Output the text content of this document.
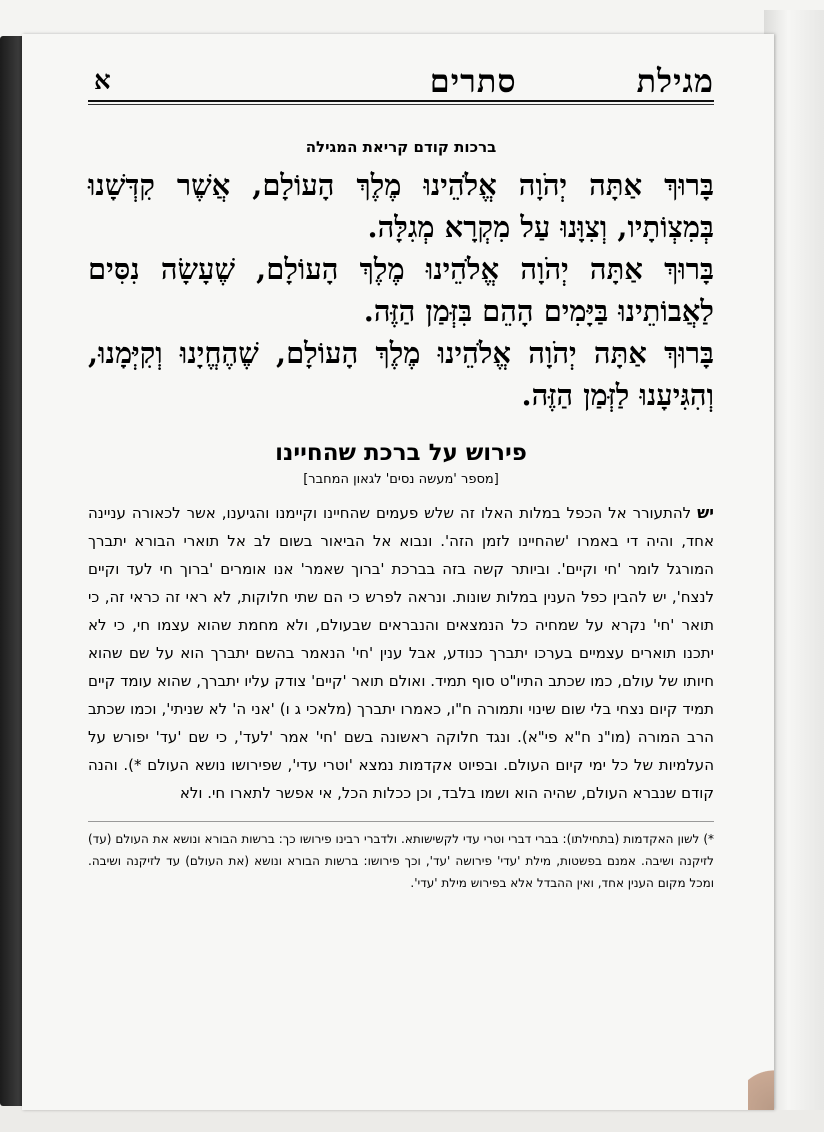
מגילתסתרים
א

ברכות קודם קריאת המגילה

בָּרוּךְ אַתָּה יְהֹוָה אֱלֹהֵינוּ מֶלֶךְ הָעוֹלָם, אֲשֶׁר קִדְּשָׁנוּ בְּמִצְוֹתָיו, וְצִוָּנוּ עַל מִקְרָא מְגִלָּה.

בָּרוּךְ אַתָּה יְהֹוָה אֱלֹהֵינוּ מֶלֶךְ הָעוֹלָם, שֶׁעָשָׂה נִסִּים לַאֲבוֹתֵינוּ בַּיָּמִים הָהֵם בִּזְּמַן הַזֶּה.

בָּרוּךְ אַתָּה יְהֹוָה אֱלֹהֵינוּ מֶלֶךְ הָעוֹלָם, שֶׁהֶחֱיָנוּ וְקִיְּמָנוּ, וְהִגִּיעָנוּ לַזְּמַן הַזֶּה.

פירוש על ברכת שהחיינו

[מספר 'מעשה נסים' לגאון המחבר]

יש להתעורר אל הכפל במלות האלו זה שלש פעמים שהחיינו וקיימנו והגיענו, אשר לכאורה עניינה אחד, והיה די באמרו 'שהחיינו לזמן הזה'. ונבוא אל הביאור בשום לב אל תוארי הבורא יתברך המורגל לומר 'חי וקיים'. וביותר קשה בזה בברכת 'ברוך שאמר' אנו אומרים 'ברוך חי לעד וקיים לנצח', יש להבין כפל הענין במלות שונות. ונראה לפרש כי הם שתי חלוקות, לא ראי זה כראי זה, כי תואר 'חי' נקרא על שמחיה כל הנמצאים והנבראים שבעולם, ולא מחמת שהוא עצמו חי, כי לא יתכנו תוארים עצמיים בערכו יתברך כנודע, אבל ענין 'חי' הנאמר בהשם יתברך הוא על שם שהוא חיותו של עולם, כמו שכתב התיו"ט סוף תמיד. ואולם תואר 'קיים' צודק עליו יתברך, שהוא עומד קיים תמיד קיום נצחי בלי שום שינוי ותמורה ח"ו, כאמרו יתברך (מלאכי ג ו) 'אני ה' לא שניתי', וכמו שכתב הרב המורה (מו"נ ח"א פי"א). ונגד חלוקה ראשונה בשם 'חי' אמר 'לעד', כי שם 'עד' יפורש על העלמיות של כל ימי קיום העולם. ובפיוט אקדמות נמצא 'וטרי עדי', שפירושו נושא העולם *). והנה קודם שנברא העולם, שהיה הוא ושמו בלבד, וכן ככלות הכל, אי אפשר לתארו חי. ולא

*) לשון האקדמות (בתחילתו): בברי דברי וטרי עדי לקשישותא. ולדברי רבינו פירושו כך: ברשות הבורא ונושא את העולם (עד) לזיקנה ושיבה. אמנם בפשטות, מילת 'עדי' פירושה 'עד', וכך פירושו: ברשות הבורא ונושא (את העולם) עד לזיקנה ושיבה. ומכל מקום הענין אחד, ואין ההבדל אלא בפירוש מילת 'עדי'.
